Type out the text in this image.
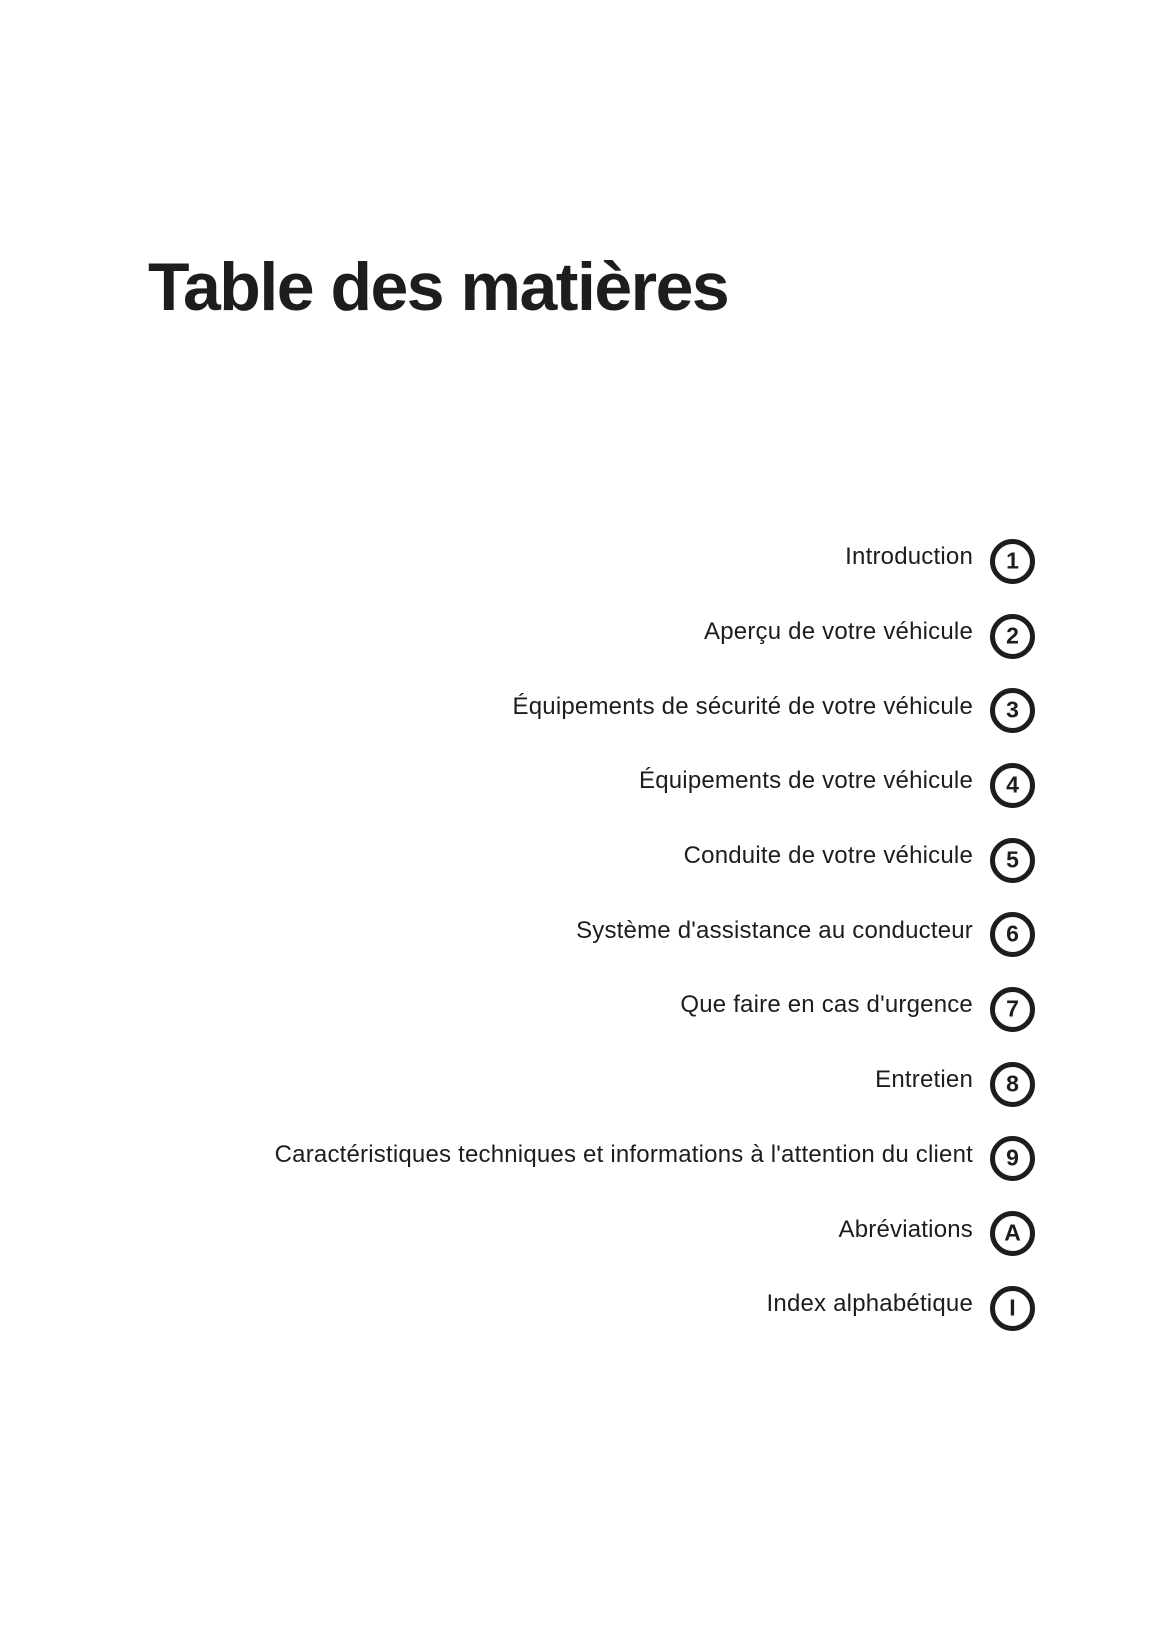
Table des matières
Introduction 1
Aperçu de votre véhicule 2
Équipements de sécurité de votre véhicule 3
Équipements de votre véhicule 4
Conduite de votre véhicule 5
Système d'assistance au conducteur 6
Que faire en cas d'urgence 7
Entretien 8
Caractéristiques techniques et informations à l'attention du client 9
Abréviations A
Index alphabétique I
